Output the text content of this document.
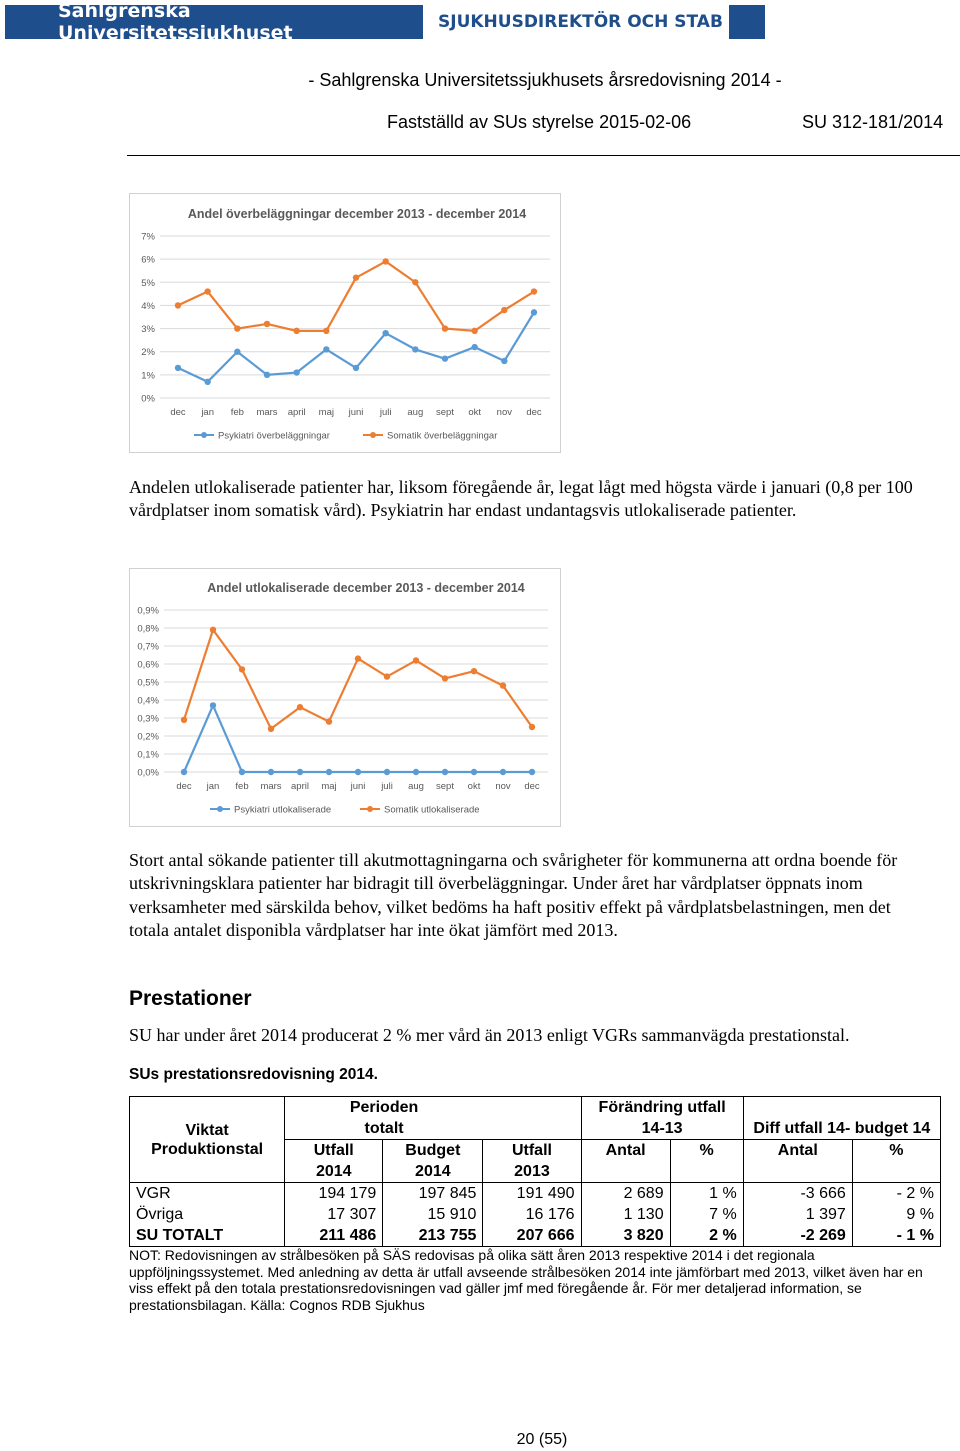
Sahlgrenska Universitetssjukhuset	SJUKHUSDIREKTÖR OCH STAB
- Sahlgrenska Universitetssjukhusets årsredovisning 2014 -
Fastställd av SUs styrelse 2015-02-06	SU 312-181/2014
Andel överbeläggningar december 2013 - december 2014
0%
1%
2%
3%
4%
5%
6%
7%
dec jan feb mars april maj juni juli aug sept okt nov dec
Psykiatri överbeläggningar	Somatik överbeläggningar
Andelen utlokaliserade patienter har, liksom föregående år, legat lågt med högsta värde i januari (0,8 per 100 vårdplatser inom somatisk vård). Psykiatrin har endast undantagsvis utlokaliserade patienter.
Andel utlokaliserade december 2013 - december 2014
0,0%
0,1%
0,2%
0,3%
0,4%
0,5%
0,6%
0,7%
0,8%
0,9%
dec jan feb mars april maj juni juli aug sept okt nov dec
Psykiatri utlokaliserade	Somatik utlokaliserade
Stort antal sökande patienter till akutmottagningarna och svårigheter för kommunerna att ordna boende för utskrivningsklara patienter har bidragit till överbeläggningar. Under året har vårdplatser öppnats inom verksamheter med särskilda behov, vilket bedöms ha haft positiv effekt på vårdplatsbelastningen, men det totala antalet disponibla vårdplatser har inte ökat jämfört med 2013.
Prestationer
SU har under året 2014 producerat 2 % mer vård än 2013 enligt VGRs sammanvägda prestationstal.
SUs prestationsredovisning 2014.
Viktat	Perioden			Förändring utfall			
	totalt			14-13		Diff utfall 14- budget 14	
Produktionstal	Utfall	Budget	Utfall	Antal	%	Antal	%
	2014	2014	2013				
VGR	194 179	197 845	191 490	2 689	1 %	-3 666	- 2 %
Övriga	17 307	15 910	16 176	1 130	7 %	1 397	9 %
SU TOTALT	211 486	213 755	207 666	3 820	2 %	-2 269	- 1 %
NOT: Redovisningen av strålbesöken på SÄS redovisas på olika sätt åren 2013 respektive 2014 i det regionala uppföljningssystemet. Med anledning av detta är utfall avseende strålbesöken 2014 inte jämförbart med 2013, vilket även har en viss effekt på den totala prestationsredovisningen vad gäller jmf med föregående år. För mer detaljerad information, se prestationsbilagan. Källa: Cognos RDB Sjukhus
20 (55)
